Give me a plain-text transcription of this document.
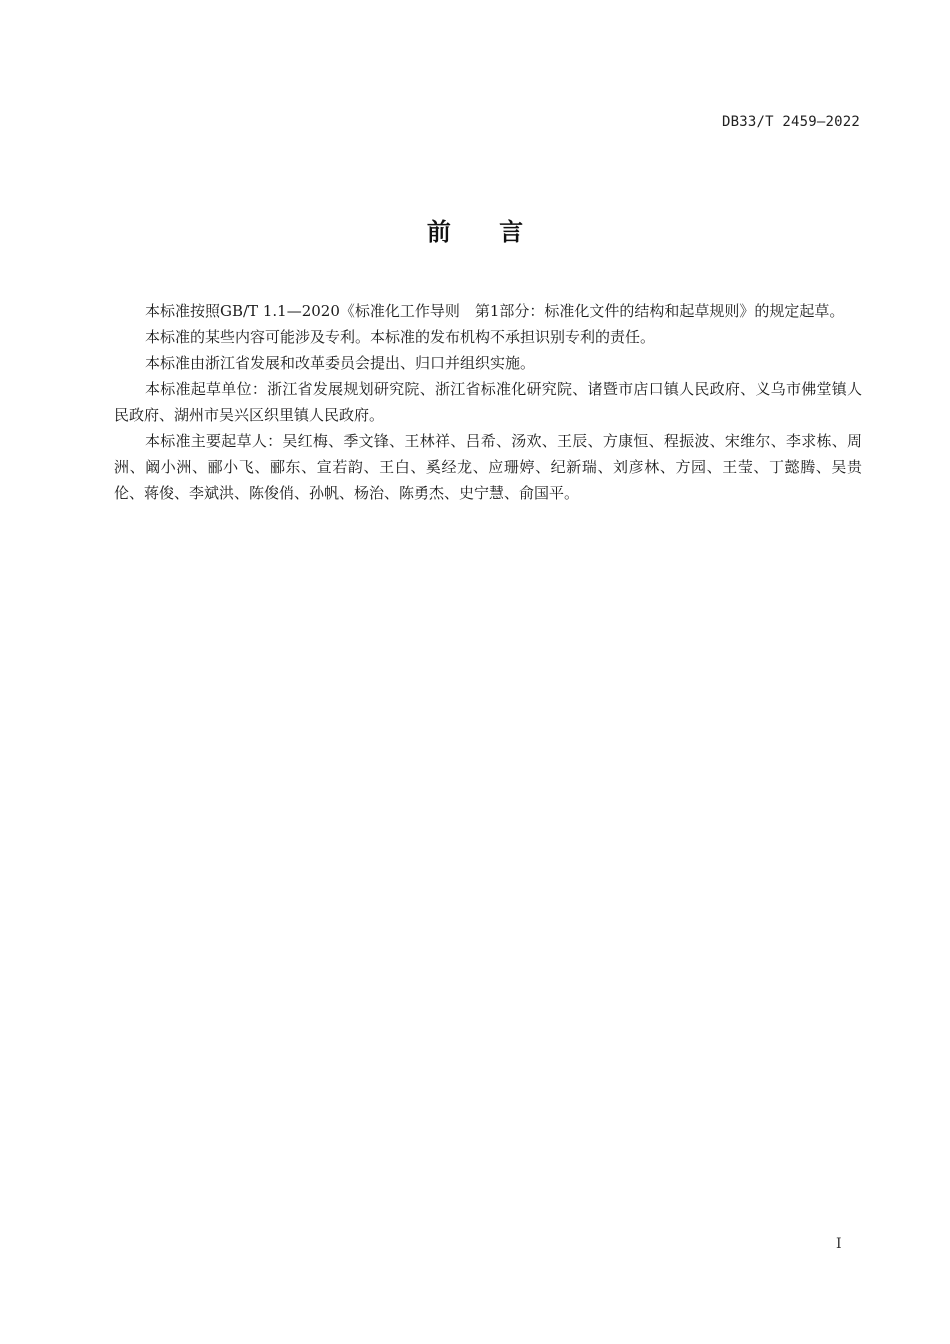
DB33/T 2459—2022
前 言

本标准按照GB/T 1.1—2020《标准化工作导则　第1部分：标准化文件的结构和起草规则》的规定起草。

本标准的某些内容可能涉及专利。本标准的发布机构不承担识别专利的责任。

本标准由浙江省发展和改革委员会提出、归口并组织实施。

本标准起草单位：浙江省发展规划研究院、浙江省标准化研究院、诸暨市店口镇人民政府、义乌市佛堂镇人民政府、湖州市吴兴区织里镇人民政府。

本标准主要起草人：吴红梅、季文锋、王林祥、吕希、汤欢、王辰、方康恒、程振波、宋维尔、李求栋、周洲、阚小洲、郦小飞、郦东、宣若韵、王白、奚经龙、应珊婷、纪新瑞、刘彦林、方园、王莹、丁懿腾、吴贵伦、蒋俊、李斌洪、陈俊俏、孙帆、杨治、陈勇杰、史宁慧、俞国平。

I
